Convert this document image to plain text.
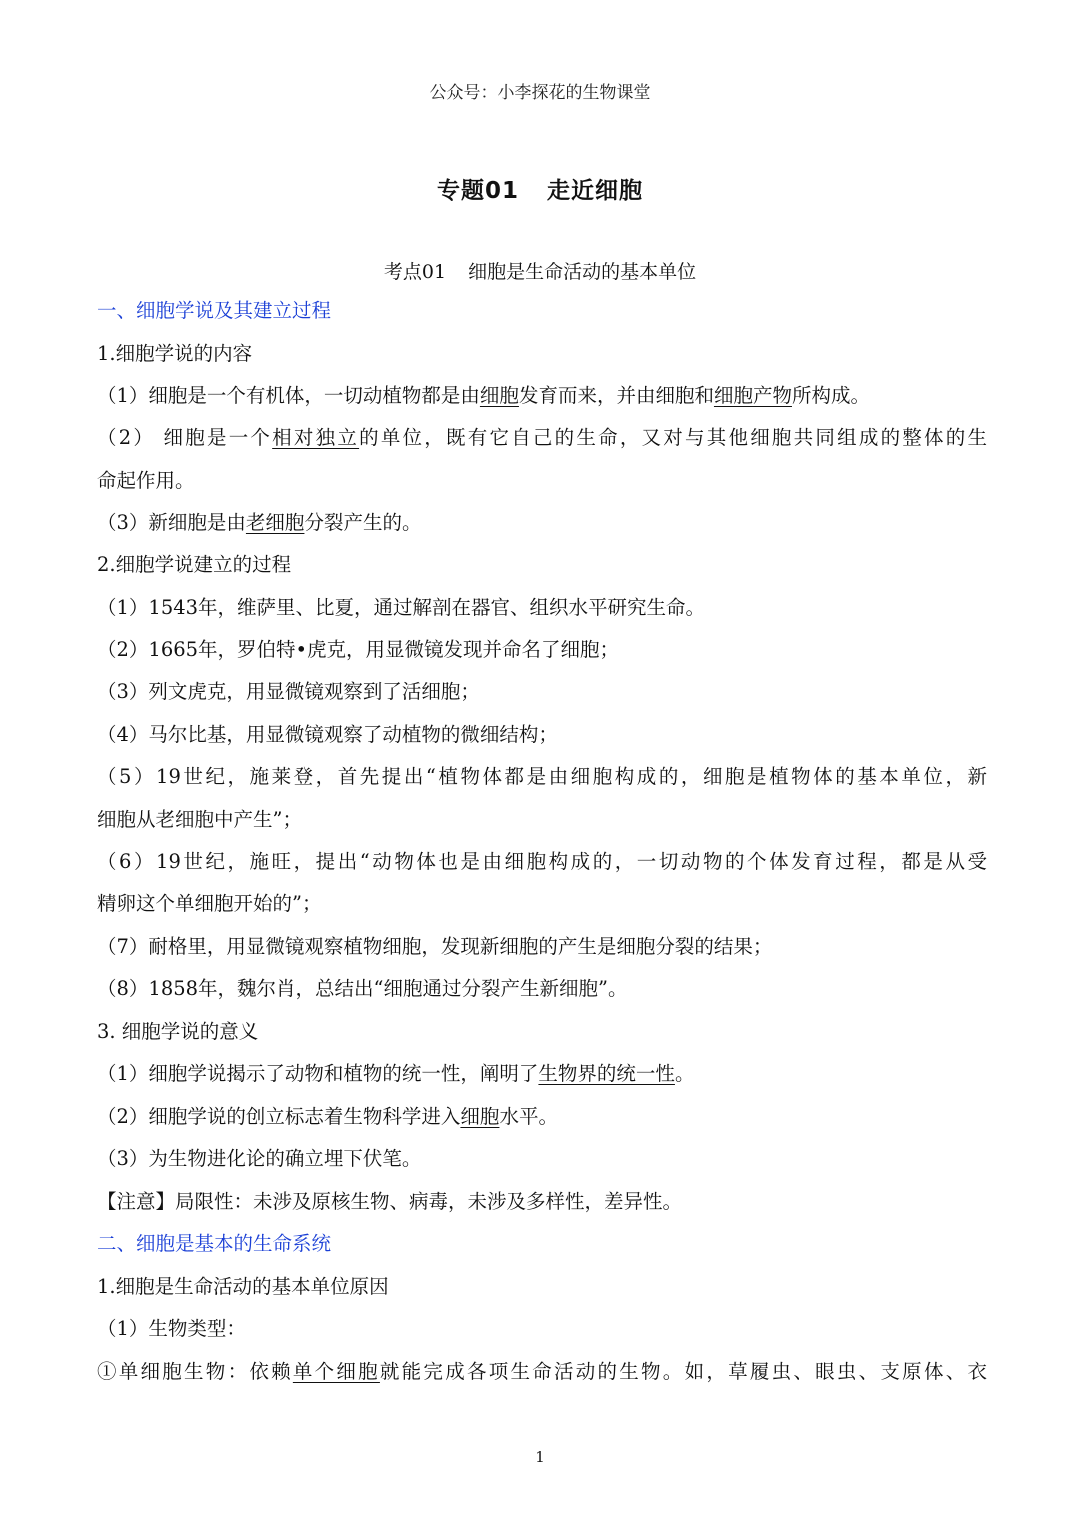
公众号：小李探花的生物课堂
专题01 走近细胞
考点01 细胞是生命活动的基本单位
一、细胞学说及其建立过程
1.细胞学说的内容
（1）细胞是一个有机体，一切动植物都是由细胞发育而来，并由细胞和细胞产物所构成。
（2） 细胞是一个相对独立的单位，既有它自己的生命，又对与其他细胞共同组成的整体的生
命起作用。
（3）新细胞是由老细胞分裂产生的。
2.细胞学说建立的过程
（1）1543年，维萨里、比夏，通过解剖在器官、组织水平研究生命。
（2）1665年，罗伯特•虎克，用显微镜发现并命名了细胞；
（3）列文虎克，用显微镜观察到了活细胞；
（4）马尔比基，用显微镜观察了动植物的微细结构；
（5）19世纪，施莱登，首先提出“植物体都是由细胞构成的，细胞是植物体的基本单位，新
细胞从老细胞中产生”；
（6）19世纪，施旺，提出“动物体也是由细胞构成的，一切动物的个体发育过程，都是从受
精卵这个单细胞开始的”；
（7）耐格里，用显微镜观察植物细胞，发现新细胞的产生是细胞分裂的结果；
（8）1858年，魏尔肖，总结出“细胞通过分裂产生新细胞”。
3. 细胞学说的意义
（1）细胞学说揭示了动物和植物的统一性，阐明了生物界的统一性。
（2）细胞学说的创立标志着生物科学进入细胞水平。
（3）为生物进化论的确立埋下伏笔。
【注意】局限性：未涉及原核生物、病毒，未涉及多样性，差异性。
二、细胞是基本的生命系统
1.细胞是生命活动的基本单位原因
（1）生物类型：
①单细胞生物：依赖单个细胞就能完成各项生命活动的生物。如，草履虫、眼虫、支原体、衣
1
